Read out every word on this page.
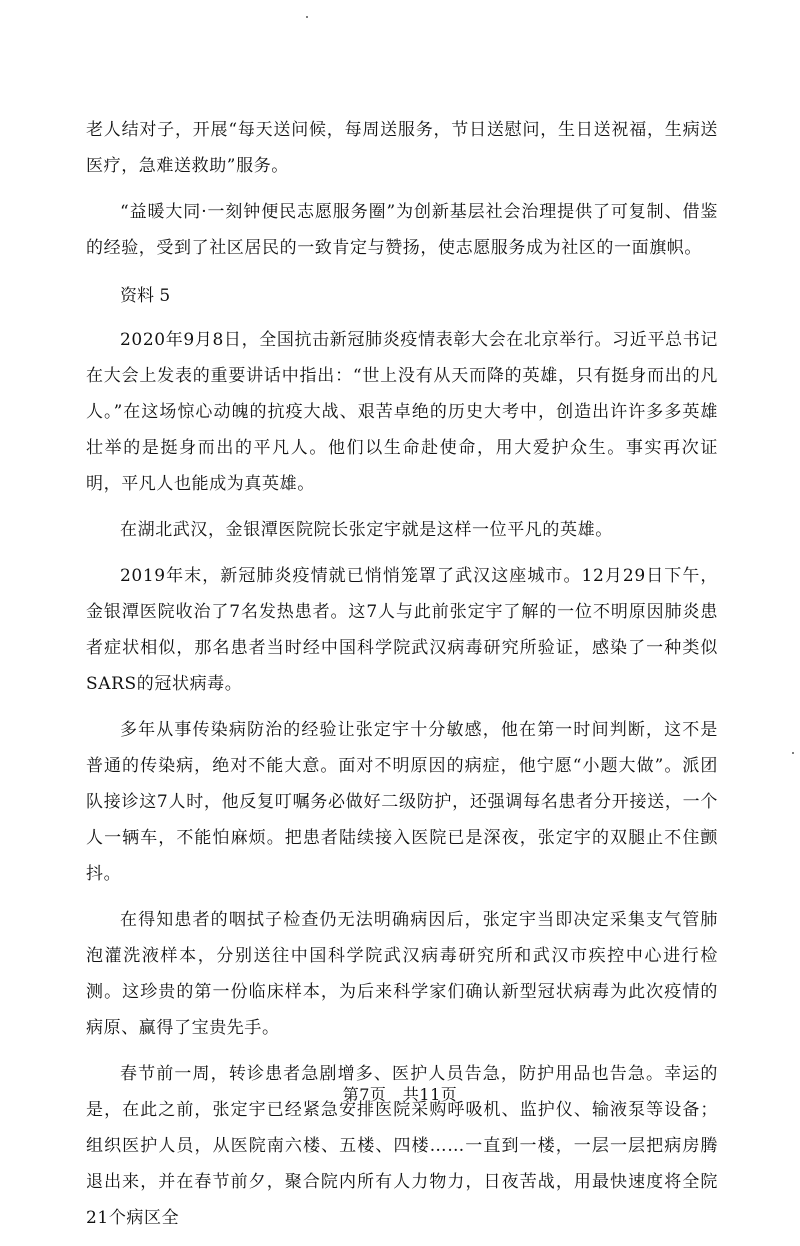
老人结对子，开展“每天送问候，每周送服务，节日送慰问，生日送祝福，生病送医疗，急难送救助”服务。

“益暖大同·一刻钟便民志愿服务圈”为创新基层社会治理提供了可复制、借鉴的经验，受到了社区居民的一致肯定与赞扬，使志愿服务成为社区的一面旗帜。

资料 5

2020年9月8日，全国抗击新冠肺炎疫情表彰大会在北京举行。习近平总书记在大会上发表的重要讲话中指出：“世上没有从天而降的英雄，只有挺身而出的凡人。”在这场惊心动魄的抗疫大战、艰苦卓绝的历史大考中，创造出许许多多英雄壮举的是挺身而出的平凡人。他们以生命赴使命，用大爱护众生。事实再次证明，平凡人也能成为真英雄。

在湖北武汉，金银潭医院院长张定宇就是这样一位平凡的英雄。

2019年末，新冠肺炎疫情就已悄悄笼罩了武汉这座城市。12月29日下午，金银潭医院收治了7名发热患者。这7人与此前张定宇了解的一位不明原因肺炎患者症状相似，那名患者当时经中国科学院武汉病毒研究所验证，感染了一种类似SARS的冠状病毒。

多年从事传染病防治的经验让张定宇十分敏感，他在第一时间判断，这不是普通的传染病，绝对不能大意。面对不明原因的病症，他宁愿“小题大做”。派团队接诊这7人时，他反复叮嘱务必做好二级防护，还强调每名患者分开接送，一个人一辆车，不能怕麻烦。把患者陆续接入医院已是深夜，张定宇的双腿止不住颤抖。

在得知患者的咽拭子检查仍无法明确病因后，张定宇当即决定采集支气管肺泡灌洗液样本，分别送往中国科学院武汉病毒研究所和武汉市疾控中心进行检测。这珍贵的第一份临床样本，为后来科学家们确认新型冠状病毒为此次疫情的病原、赢得了宝贵先手。

春节前一周，转诊患者急剧增多、医护人员告急，防护用品也告急。幸运的是，在此之前，张定宇已经紧急安排医院采购呼吸机、监护仪、输液泵等设备；组织医护人员，从医院南六楼、五楼、四楼……一直到一楼，一层一层把病房腾退出来，并在春节前夕，聚合院内所有人力物力，日夜苦战，用最快速度将全院21个病区全

第7页　共11页
